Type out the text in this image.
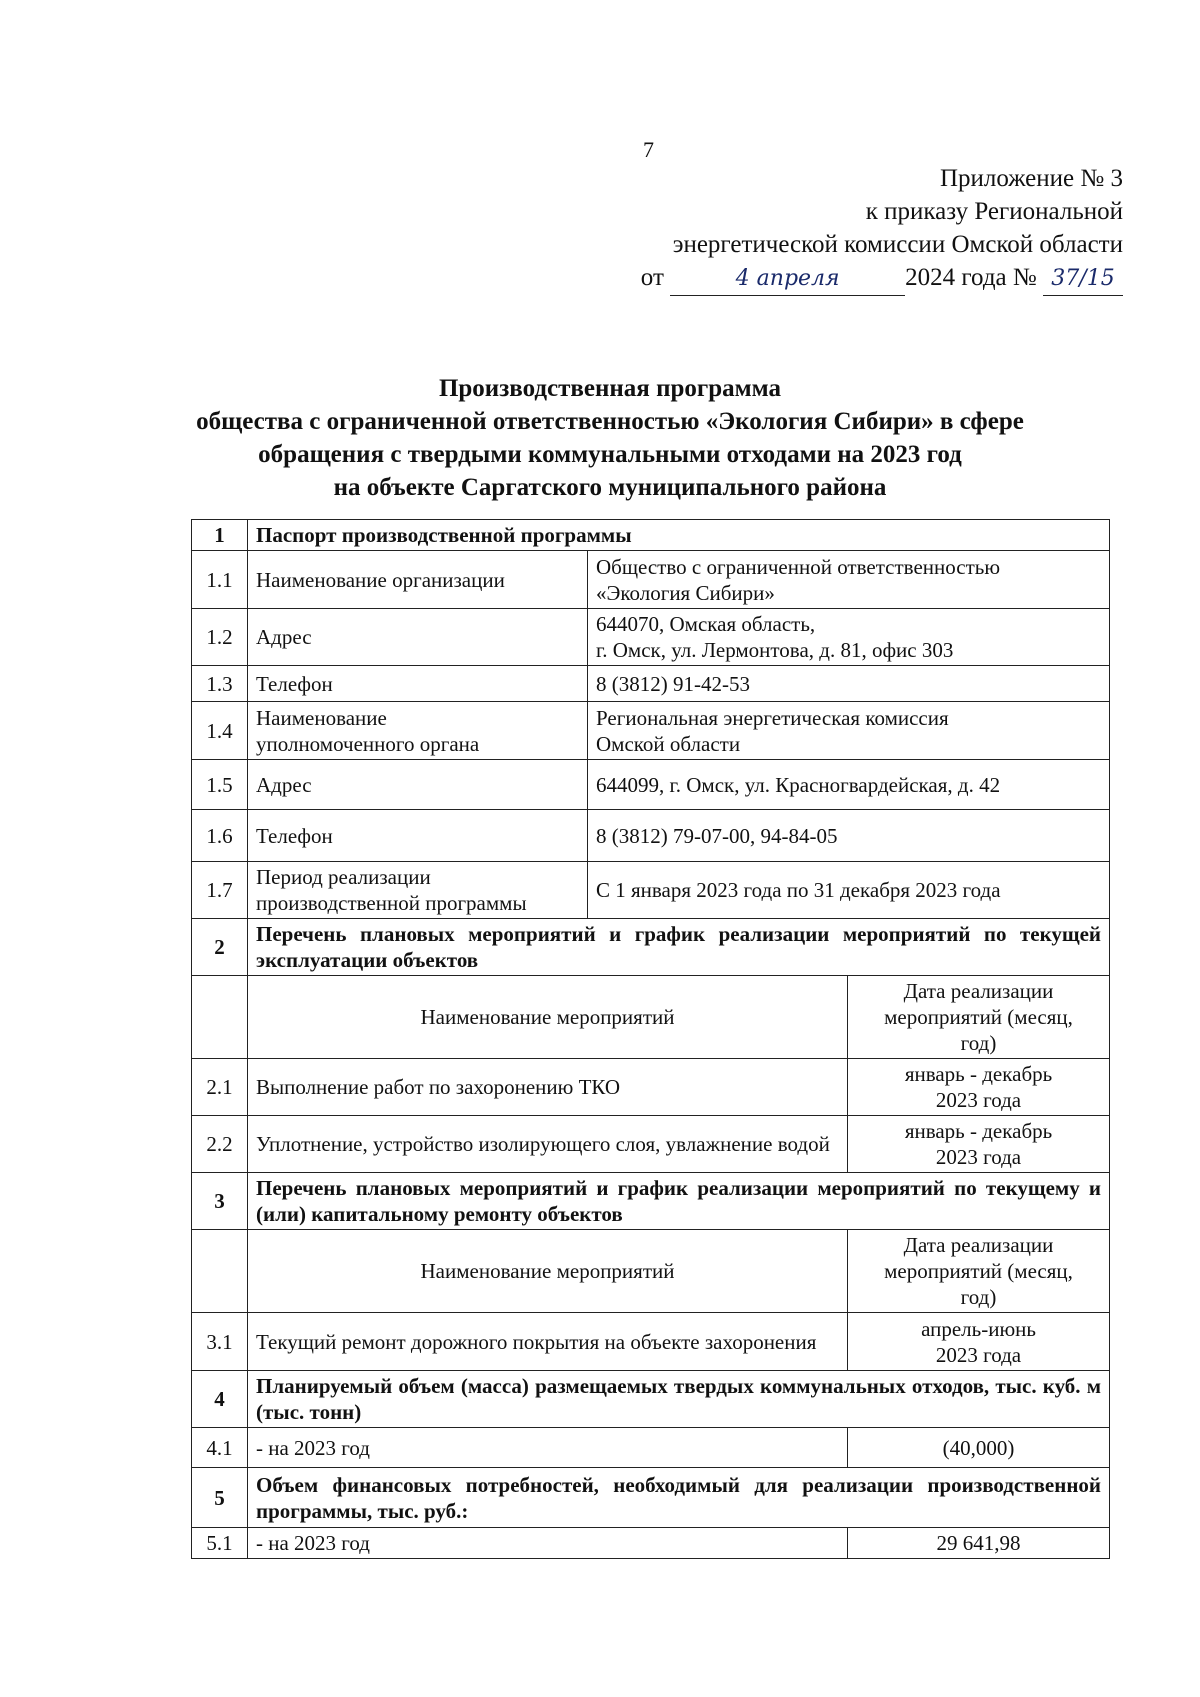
7
Приложение № 3
к приказу Региональной
энергетической комиссии Омской области
от	4 апреля	2024 года № 37/15
Производственная программа
общества с ограниченной ответственностью «Экология Сибири» в сфере
обращения с твердыми коммунальными отходами на 2023 год
на объекте Саргатского муниципального района
1	Паспорт производственной программы		
1.1	Наименование организации	Общество с ограниченной ответственностью
«Экология Сибири»	
1.2	Адрес	644070, Омская область,
г. Омск, ул. Лермонтова, д. 81, офис 303	
1.3	Телефон	8 (3812) 91-42-53	
1.4	Наименование
уполномоченного органа	Региональная энергетическая комиссия
Омской области	
1.5	Адрес	644099, г. Омск, ул. Красногвардейская, д. 42	
1.6	Телефон	8 (3812) 79-07-00, 94-84-05	
1.7	Период реализации
производственной программы	С 1 января 2023 года по 31 декабря 2023 года	
2	Перечень плановых мероприятий и график реализации мероприятий по текущей эксплуатации объектов		
	Наименование мероприятий		Дата реализации
мероприятий (месяц,
год)
2.1	Выполнение работ по захоронению ТКО		январь - декабрь
2023 года
2.2	Уплотнение, устройство изолирующего слоя, увлажнение водой		январь - декабрь
2023 года
3	Перечень плановых мероприятий и график реализации мероприятий по текущему и (или) капитальному ремонту объектов		
	Наименование мероприятий		Дата реализации
мероприятий (месяц,
год)
3.1	Текущий ремонт дорожного покрытия на объекте захоронения		апрель-июнь
2023 года
4	Планируемый объем (масса) размещаемых твердых коммунальных отходов, тыс. куб. м (тыс. тонн)		
4.1	- на 2023 год		(40,000)
5	Объем финансовых потребностей, необходимый для реализации производственной программы, тыс. руб.:		
5.1	- на 2023 год		29 641,98
